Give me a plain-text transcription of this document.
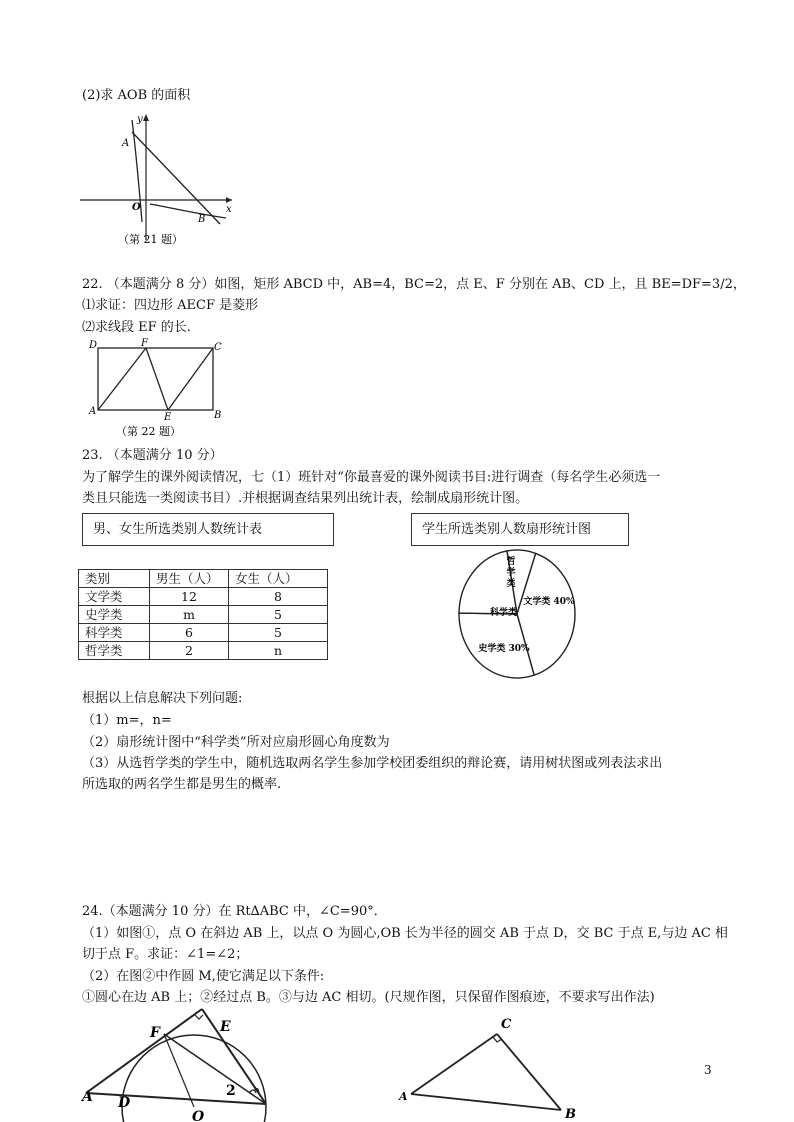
(2)求 AOB 的面积
y
A
O	x
B
（第 21 题）
22. （本题满分 8 分）如图，矩形 ABCD 中，AB=4，BC=2，点 E、F 分别在 AB、CD 上，且 BE=DF=3/2，
⑴求证：四边形 AECF 是菱形
⑵求线段 EF 的长.
D	F	C
A
E	B
（第 22 题）
23. （本题满分 10 分）
为了解学生的课外阅读情况，七（1）班针对“你最喜爱的课外阅读书目:进行调查（每名学生必须选一
类且只能选一类阅读书目）.并根据调查结果列出统计表，绘制成扇形统计图。
男、女生所选类别人数统计表	学生所选类别人数扇形统计图
类别	男生（人）	女生（人）
文学类	12	8
史学类	m	5
科学类	6	5
哲学类	2	n
科学类
文学类 40%
史学类 30%
哲
学
类
根据以上信息解决下列问题:
（1）m=，n=
（2）扇形统计图中“科学类”所对应扇形圆心角度数为
（3）从选哲学类的学生中，随机选取两名学生参加学校团委组织的辩论赛，请用树状图或列表法求出
所选取的两名学生都是男生的概率.
24.（本题满分 10 分）在 Rt∆ABC 中，∠C=90°．
（1）如图①，点 O 在斜边 AB 上，以点 O 为圆心,OB 长为半径的圆交 AB 于点 D，交 BC 于点 E,与边 AC 相
切于点 F。求证：∠1=∠2；
（2）在图②中作圆 M,使它满足以下条件:
①圆心在边 AB 上；②经过点 B。③与边 AC 相切。(尺规作图，只保留作图痕迹，不要求写出作法)
F	E
A D
O
2
C
A
B
3
